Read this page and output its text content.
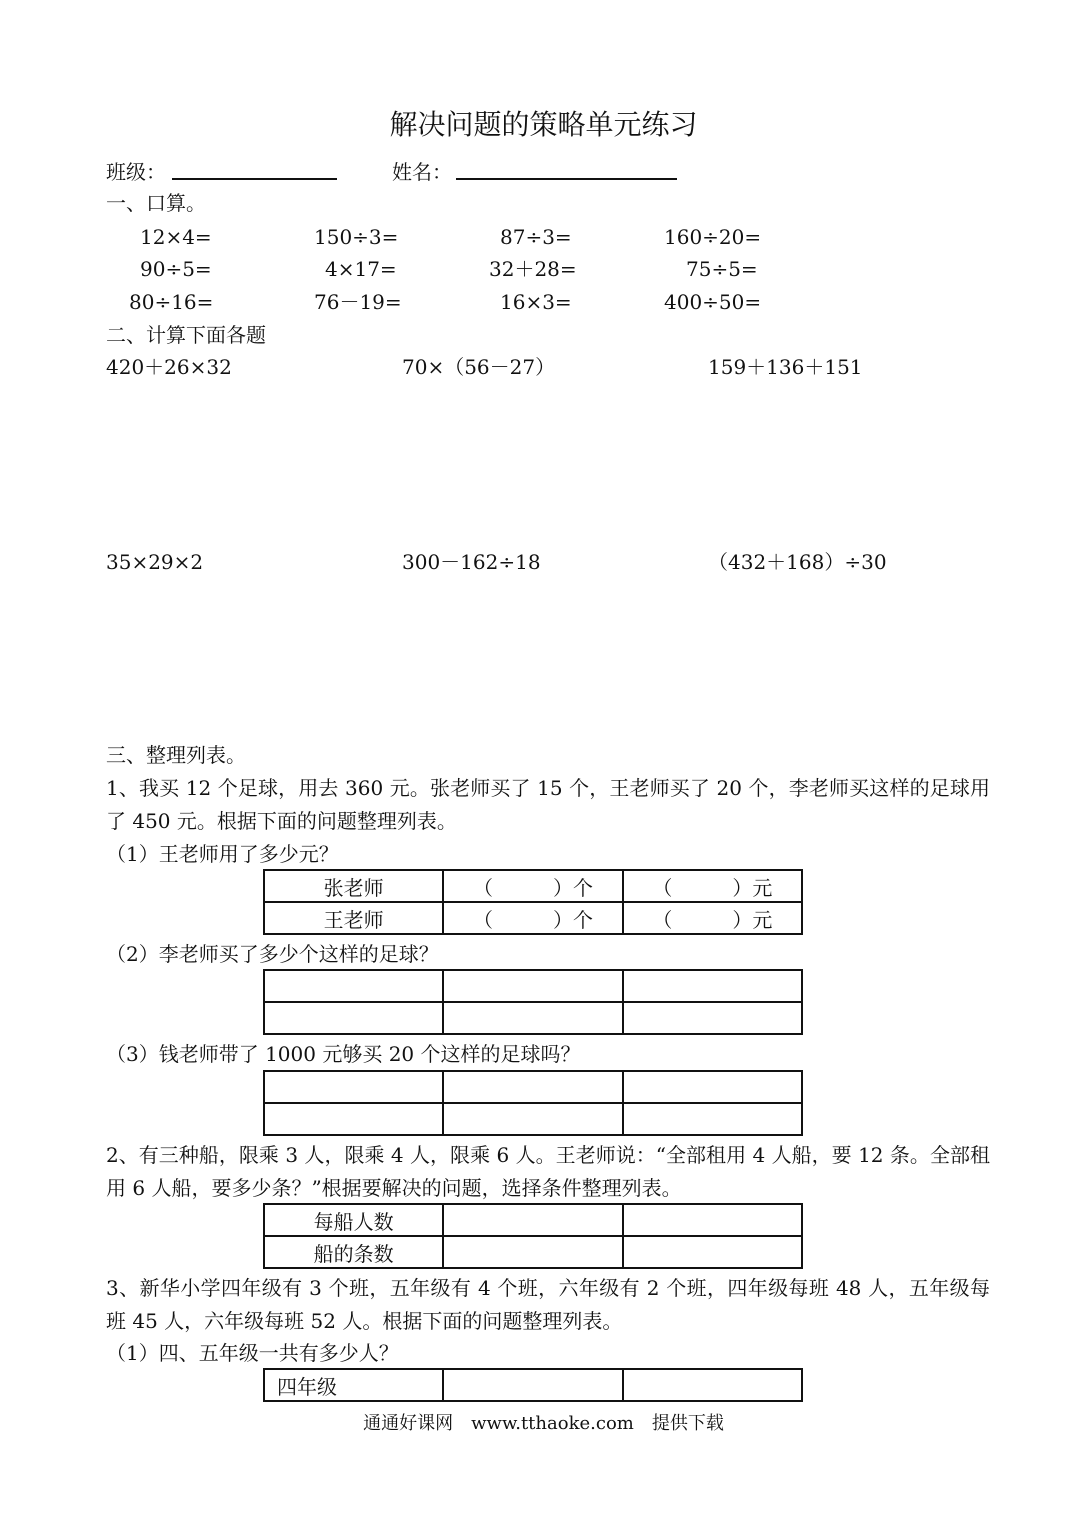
解决问题的策略单元练习
班级：	姓名：
一、口算。
12×4=	150÷3=	87÷3=	160÷20=
90÷5=	4×17=	32＋28=	75÷5=
80÷16=	76－19=	16×3=	400÷50=
二、计算下面各题
420＋26×32	70×（56－27）	159＋136＋151
35×29×2	300－162÷18	（432＋168）÷30
三、整理列表。
1、我买 12 个足球，用去 360 元。张老师买了 15 个，王老师买了 20 个，李老师买这样的足球用了 450 元。根据下面的问题整理列表。
（1）王老师用了多少元？
张老师	（　　　）个	（　　　）元
王老师	（　　　）个	（　　　）元
（2）李老师买了多少个这样的足球？

（3）钱老师带了 1000 元够买 20 个这样的足球吗？

2、有三种船，限乘 3 人，限乘 4 人，限乘 6 人。王老师说：“全部租用 4 人船，要 12 条。全部租用 6 人船，要多少条？”根据要解决的问题，选择条件整理列表。
每船人数		
船的条数		
3、新华小学四年级有 3 个班，五年级有 4 个班，六年级有 2 个班，四年级每班 48 人，五年级每班 45 人，六年级每班 52 人。根据下面的问题整理列表。
（1）四、五年级一共有多少人？
四年级		
通通好课网　www.tthaoke.com　提供下载
